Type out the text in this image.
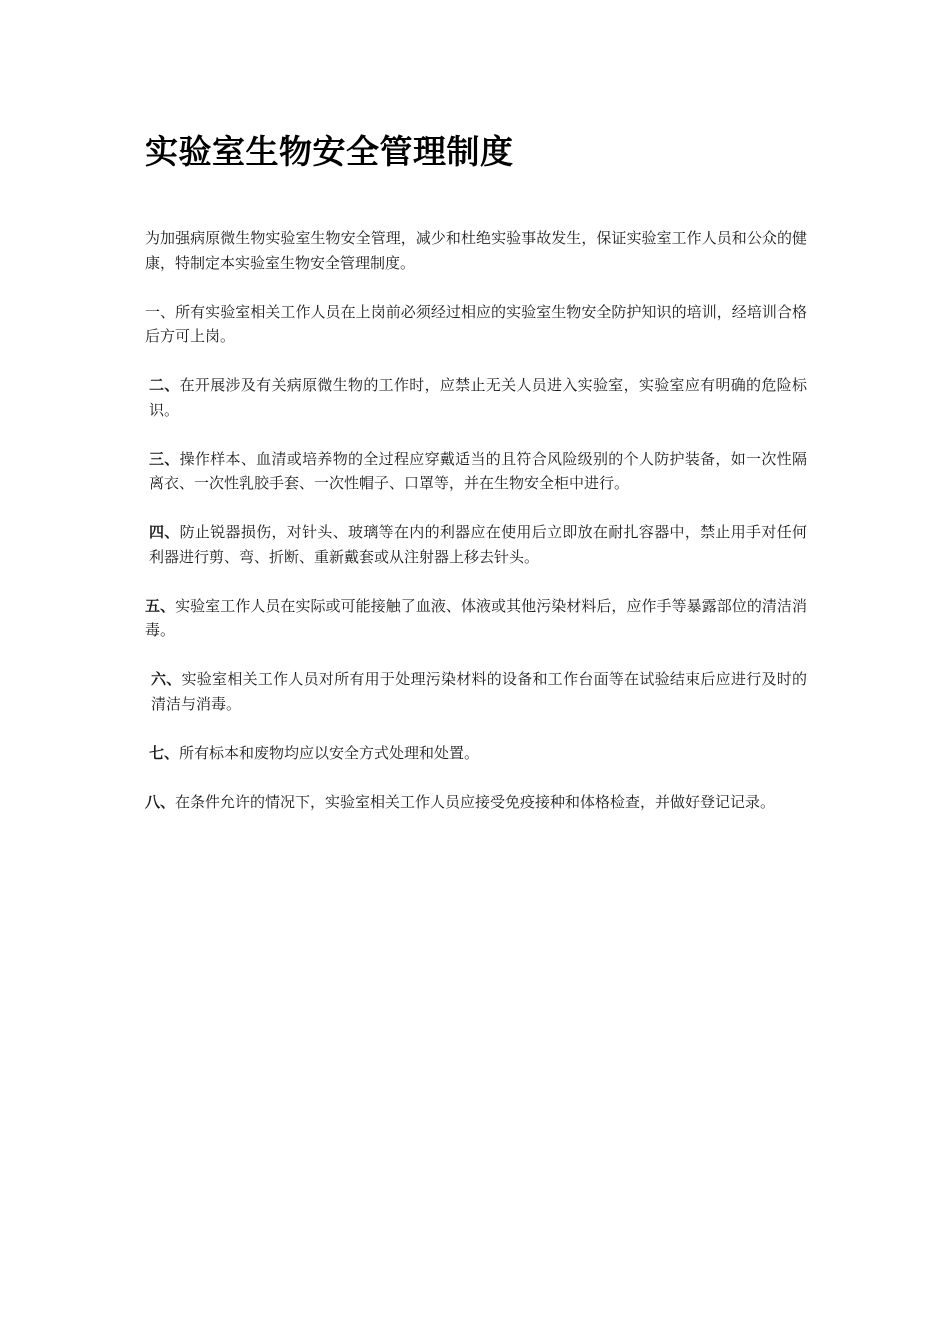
实验室生物安全管理制度

为加强病原微生物实验室生物安全管理，减少和杜绝实验事故发生，保证实验室工作人员和公众的健康，特制定本实验室生物安全管理制度。

一、所有实验室相关工作人员在上岗前必须经过相应的实验室生物安全防护知识的培训，经培训合格后方可上岗。

二、在开展涉及有关病原微生物的工作时，应禁止无关人员进入实验室，实验室应有明确的危险标识。

三、操作样本、血清或培养物的全过程应穿戴适当的且符合风险级别的个人防护装备，如一次性隔离衣、一次性乳胶手套、一次性帽子、口罩等，并在生物安全柜中进行。

四、防止锐器损伤，对针头、玻璃等在内的利器应在使用后立即放在耐扎容器中，禁止用手对任何利器进行剪、弯、折断、重新戴套或从注射器上移去针头。

五、实验室工作人员在实际或可能接触了血液、体液或其他污染材料后，应作手等暴露部位的清洁消毒。

六、实验室相关工作人员对所有用于处理污染材料的设备和工作台面等在试验结束后应进行及时的清洁与消毒。

七、所有标本和废物均应以安全方式处理和处置。

八、在条件允许的情况下，实验室相关工作人员应接受免疫接种和体格检查，并做好登记记录。
